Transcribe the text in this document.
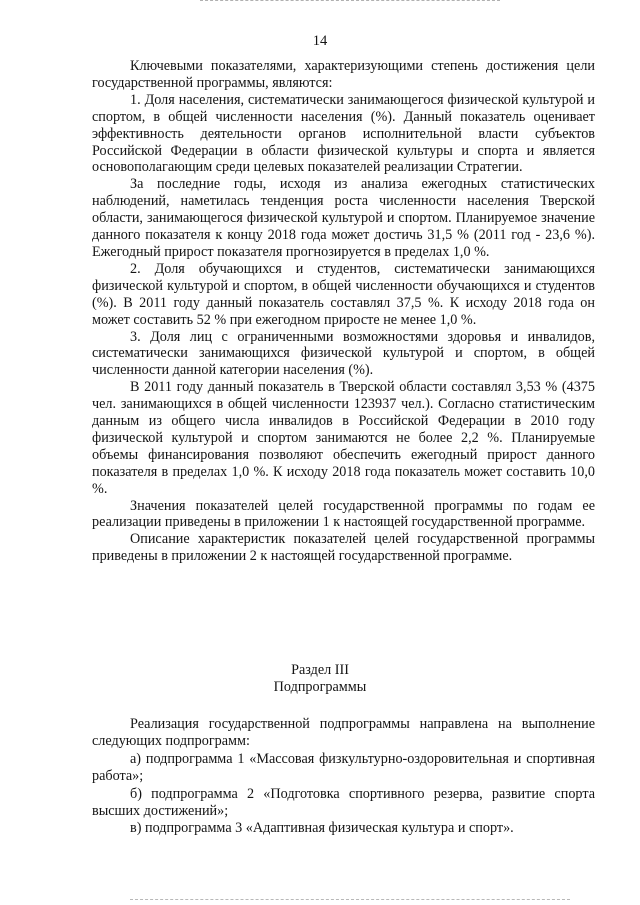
14

Ключевыми показателями, характеризующими степень достижения цели государственной программы, являются:

1. Доля населения, систематически занимающегося физической культурой и спортом, в общей численности населения (%). Данный показатель оценивает эффективность деятельности органов исполнительной власти субъектов Российской Федерации в области физической культуры и спорта и является основополагающим среди целевых показателей реализации Стратегии.

За последние годы, исходя из анализа ежегодных статистических наблюдений, наметилась тенденция роста численности населения Тверской области, занимающегося физической культурой и спортом. Планируемое значение данного показателя к концу 2018 года может достичь 31,5 % (2011 год - 23,6 %). Ежегодный прирост показателя прогнозируется в пределах 1,0 %.

2. Доля обучающихся и студентов, систематически занимающихся физической культурой и спортом, в общей численности обучающихся и студентов (%). В 2011 году данный показатель составлял 37,5 %. К исходу 2018 года он может составить 52 % при ежегодном приросте не менее 1,0 %.

3. Доля лиц с ограниченными возможностями здоровья и инвалидов, систематически занимающихся физической культурой и спортом, в общей численности данной категории населения (%).

В 2011 году данный показатель в Тверской области составлял 3,53 % (4375 чел. занимающихся в общей численности 123937 чел.). Согласно статистическим данным из общего числа инвалидов в Российской Федерации в 2010 году физической культурой и спортом занимаются не более 2,2 %. Планируемые объемы финансирования позволяют обеспечить ежегодный прирост данного показателя в пределах 1,0 %. К исходу 2018 года показатель может составить 10,0 %.

Значения показателей целей государственной программы по годам ее реализации приведены в приложении 1 к настоящей государственной программе.

Описание характеристик показателей целей государственной программы приведены в приложении 2 к настоящей государственной программе.

Раздел III
Подпрограммы

Реализация государственной подпрограммы направлена на выполнение следующих подпрограмм:

а) подпрограмма 1 «Массовая физкультурно-оздоровительная и спортивная работа»;

б) подпрограмма 2 «Подготовка спортивного резерва, развитие спорта высших достижений»;

в) подпрограмма 3 «Адаптивная физическая культура и спорт».
